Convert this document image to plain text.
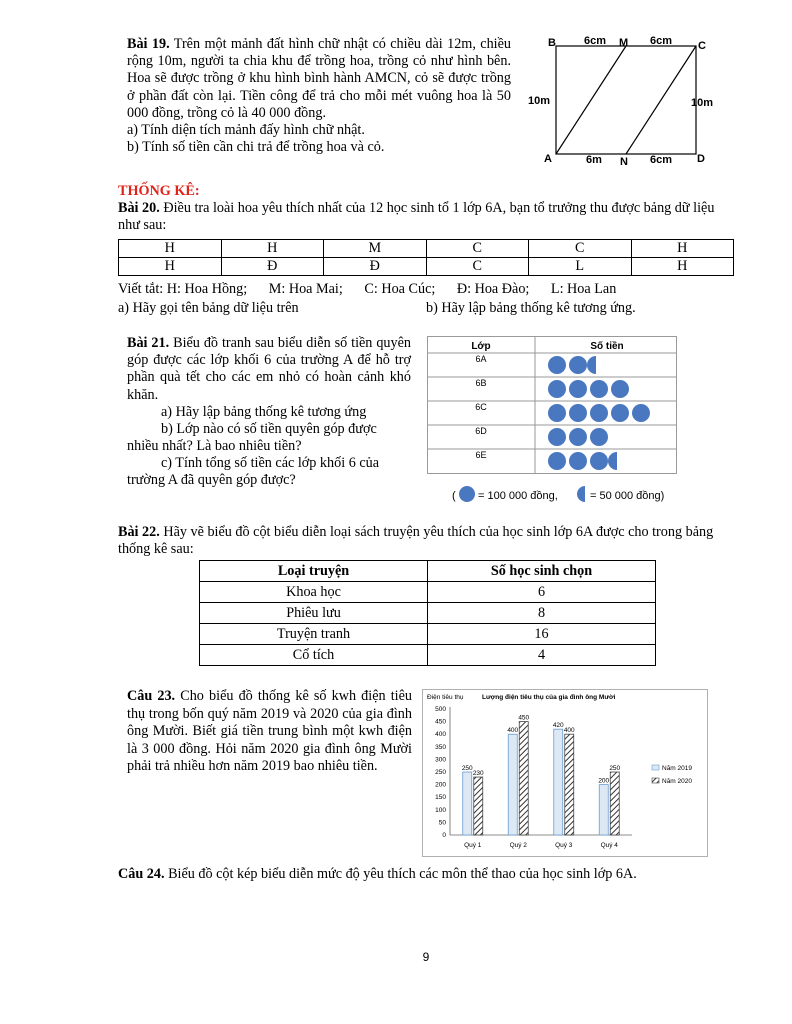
Bài 19. Trên một mảnh đất hình chữ nhật có chiều dài 12m, chiều rộng 10m, người ta chia khu để trồng hoa, trồng cỏ như hình bên. Hoa sẽ được trồng ở khu hình bình hành AMCN, cỏ sẽ được trồng ở phần đất còn lại. Tiền công để trả cho mỗi mét vuông hoa là 50 000 đồng, trồng cỏ là 40 000 đồng.

a) Tính diện tích mảnh đấy hình chữ nhật.

b) Tính số tiền cần chi trả để trồng hoa và cỏ.

B	M	C
A	N	D
6cm	6cm
6m	6cm
10m	10m
THỐNG KÊ:
Bài 20. Điều tra loài hoa yêu thích nhất của 12 học sinh tổ 1 lớp 6A, bạn tổ trưởng thu được bảng dữ liệu như sau:
H	H	M	C	C	H
H	Đ	Đ	C	L	H
Viết tắt: H: Hoa Hồng; M: Hoa Mai; C: Hoa Cúc; Đ: Hoa Đào; L: Hoa Lan
a) Hãy gọi tên bảng dữ liệu trên	b) Hãy lập bảng thống kê tương ứng.

Bài 21. Biểu đồ tranh sau biểu diễn số tiền quyên góp được các lớp khối 6 của trường A để hỗ trợ phần quà tết cho các em nhỏ có hoàn cảnh khó khăn.

a) Hãy lập bảng thống kê tương ứng

b) Lớp nào có số tiền quyên góp được

nhiều nhất? Là bao nhiêu tiền?

c) Tính tổng số tiền các lớp khối 6 của

trường A đã quyên góp được?

Lớp	Số tiền
6A
6B
6C
6D
6E
( = 100 000 đồng,	= 50 000 đồng)
Bài 22. Hãy vẽ biểu đồ cột biểu diễn loại sách truyện yêu thích của học sinh lớp 6A được cho trong bảng thống kê sau:
Loại truyện	Số học sinh chọn
Khoa học	6
Phiêu lưu	8
Truyện tranh	16
Cổ tích	4
Câu 23. Cho biểu đồ thống kê số kwh điện tiêu thụ trong bốn quý năm 2019 và 2020 của gia đình ông Mười. Biết giá tiền trung bình một kwh điện là 3 000 đồng. Hỏi năm 2020 gia đình ông Mười phải trả nhiều hơn năm 2019 bao nhiêu tiền.
Điện tiêu thụ	Lượng điện tiêu thụ của gia đình ông Mười
0
50
100
150
200
250
300
350
400
450
500
Quý 1	Quý 2	Quý 3	Quý 4
250
230
400
450
420
400
200
250	Năm 2019
Năm 2020
Câu 24. Biểu đồ cột kép biểu diễn mức độ yêu thích các môn thể thao của học sinh lớp 6A.
9
